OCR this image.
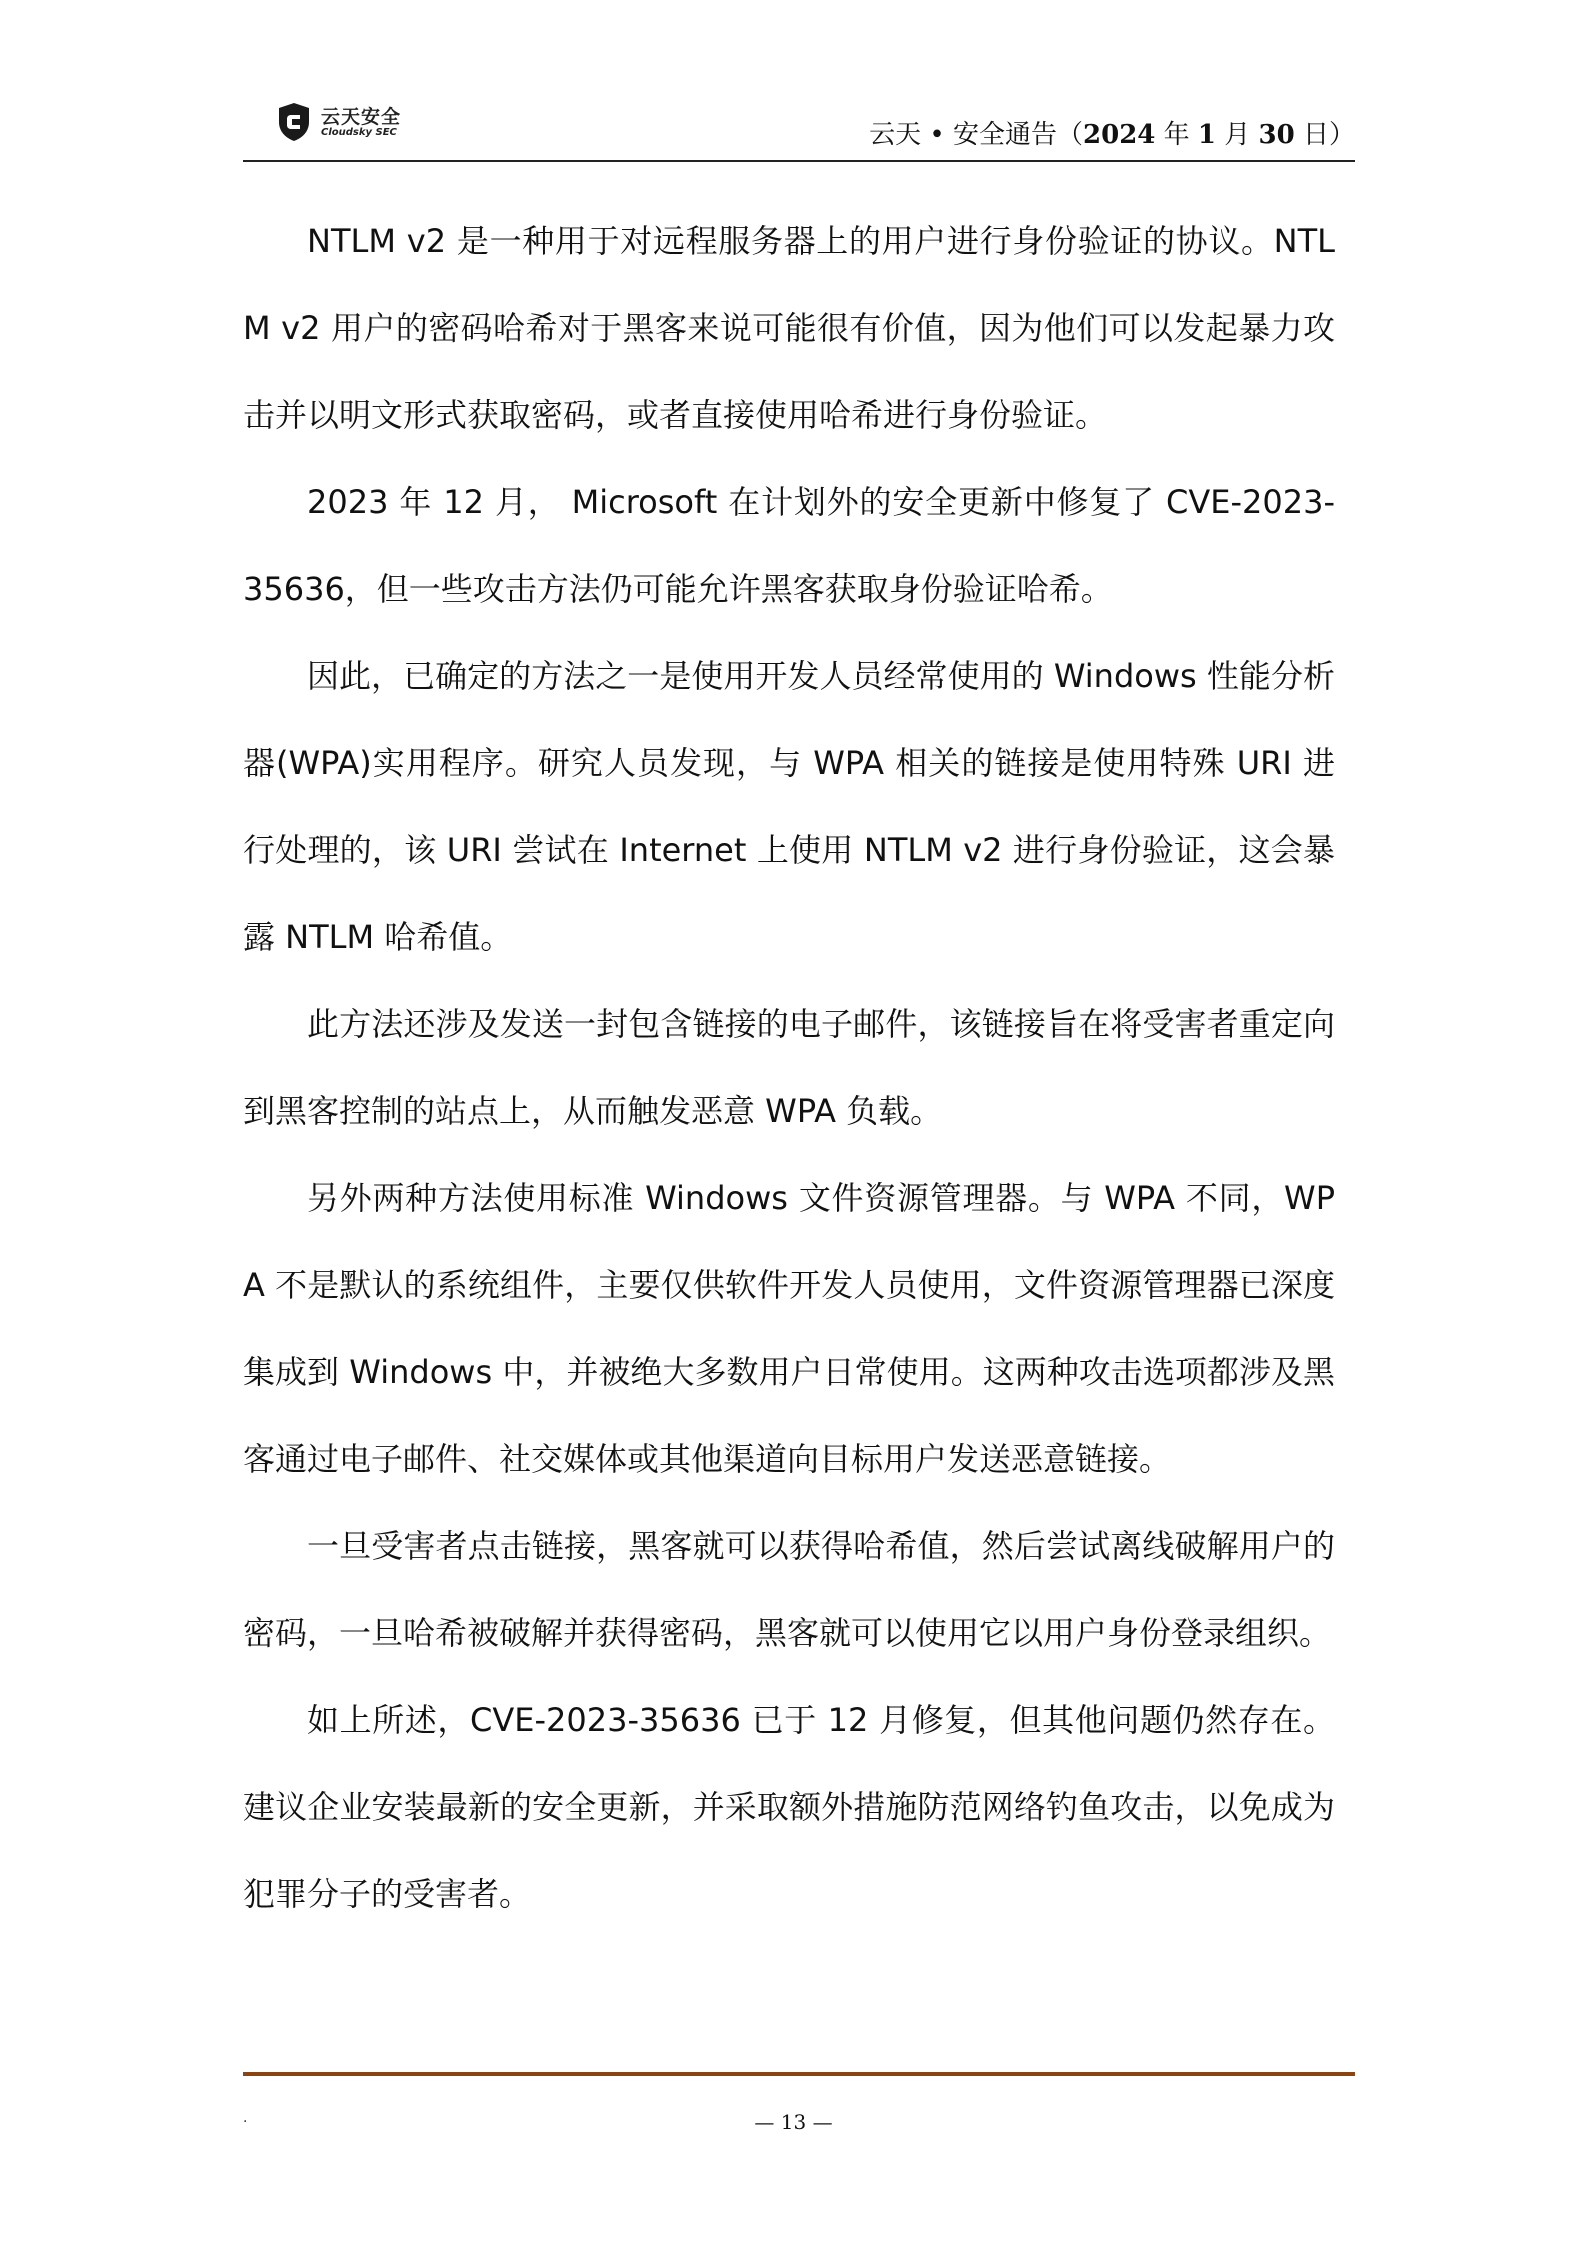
云天安全
Cloudsky SEC	云天 • 安全通告（2024 年 1 月 30 日）

NTLM v2 是一种用于对远程服务器上的用户进行身份验证的协议。NTLM v2 用户的密码哈希对于黑客来说可能很有价值，因为他们可以发起暴力攻击并以明文形式获取密码，或者直接使用哈希进行身份验证。

2023 年 12 月， Microsoft 在计划外的安全更新中修复了 CVE-2023-35636，但一些攻击方法仍可能允许黑客获取身份验证哈希。

因此，已确定的方法之一是使用开发人员经常使用的 Windows 性能分析器(WPA)实用程序。研究人员发现，与 WPA 相关的链接是使用特殊 URI 进行处理的，该 URI 尝试在 Internet 上使用 NTLM v2 进行身份验证，这会暴露 NTLM 哈希值。

此方法还涉及发送一封包含链接的电子邮件，该链接旨在将受害者重定向到黑客控制的站点上，从而触发恶意 WPA 负载。

另外两种方法使用标准 Windows 文件资源管理器。与 WPA 不同，WPA 不是默认的系统组件，主要仅供软件开发人员使用，文件资源管理器已深度集成到 Windows 中，并被绝大多数用户日常使用。这两种攻击选项都涉及黑客通过电子邮件、社交媒体或其他渠道向目标用户发送恶意链接。

一旦受害者点击链接，黑客就可以获得哈希值，然后尝试离线破解用户的密码，一旦哈希被破解并获得密码，黑客就可以使用它以用户身份登录组织。

如上所述，CVE-2023-35636 已于 12 月修复，但其他问题仍然存在。建议企业安装最新的安全更新，并采取额外措施防范网络钓鱼攻击，以免成为犯罪分子的受害者。

.	— 13 —
